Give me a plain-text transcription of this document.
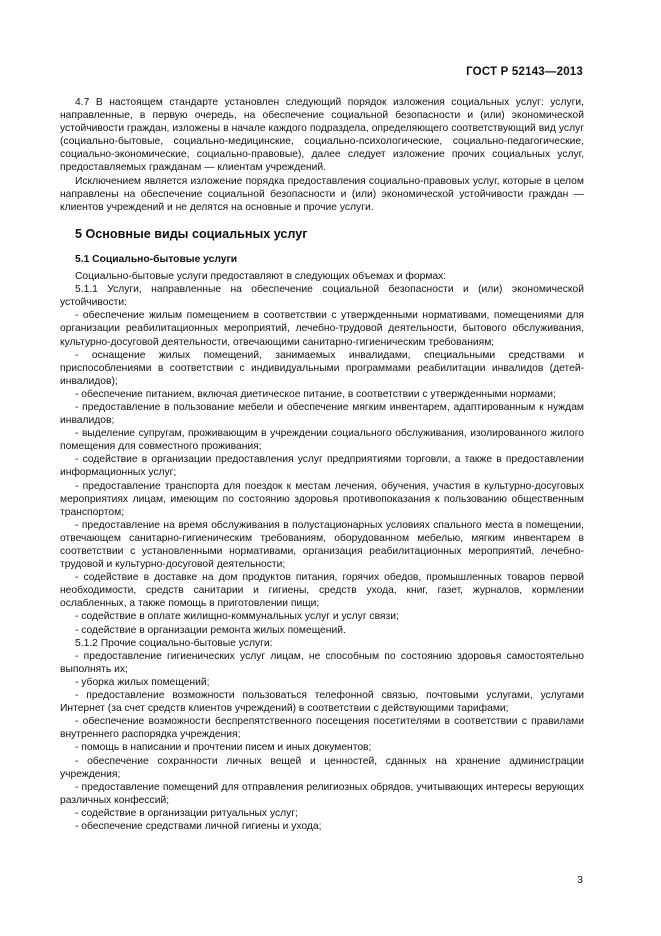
ГОСТ Р 52143—2013
4.7 В настоящем стандарте установлен следующий порядок изложения социальных услуг: услуги, направленные, в первую очередь, на обеспечение социальной безопасности и (или) экономической устойчивости граждан, изложены в начале каждого подраздела, определяющего соответствующий вид услуг (социально-бытовые, социально-медицинские, социально-психологические, социально-педагогические, социально-экономические, социально-правовые), далее следует изложение прочих социальных услуг, предоставляемых гражданам — клиентам учреждений.
Исключением является изложение порядка предоставления социально-правовых услуг, которые в целом направлены на обеспечение социальной безопасности и (или) экономической устойчивости граждан — клиентов учреждений и не делятся на основные и прочие услуги.
5 Основные виды социальных услуг
5.1 Социально-бытовые услуги
Социально-бытовые услуги предоставляют в следующих объемах и формах:
5.1.1 Услуги, направленные на обеспечение социальной безопасности и (или) экономической устойчивости:
- обеспечение жилым помещением в соответствии с утвержденными нормативами, помещениями для организации реабилитационных мероприятий, лечебно-трудовой деятельности, бытового обслуживания, культурно-досуговой деятельности, отвечающими санитарно-гигиеническим требованиям;
- оснащение жилых помещений, занимаемых инвалидами, специальными средствами и приспособлениями в соответствии с индивидуальными программами реабилитации инвалидов (детей-инвалидов);
- обеспечение питанием, включая диетическое питание, в соответствии с утвержденными нормами;
- предоставление в пользование мебели и обеспечение мягким инвентарем, адаптированным к нуждам инвалидов;
- выделение супругам, проживающим в учреждении социального обслуживания, изолированного жилого помещения для совместного проживания;
- содействие в организации предоставления услуг предприятиями торговли, а также в предоставлении информационных услуг;
- предоставление транспорта для поездок к местам лечения, обучения, участия в культурно-досуговых мероприятиях лицам, имеющим по состоянию здоровья противопоказания к пользованию общественным транспортом;
- предоставление на время обслуживания в полустационарных условиях спального места в помещении, отвечающем санитарно-гигиеническим требованиям, оборудованном мебелью, мягким инвентарем в соответствии с установленными нормативами, организация реабилитационных мероприятий, лечебно-трудовой и культурно-досуговой деятельности;
- содействие в доставке на дом продуктов питания, горячих обедов, промышленных товаров первой необходимости, средств санитарии и гигиены, средств ухода, книг, газет, журналов, кормлении ослабленных, а также помощь в приготовлении пищи;
- содействие в оплате жилищно-коммунальных услуг и услуг связи;
- содействие в организации ремонта жилых помещений.
5.1.2 Прочие социально-бытовые услуги:
- предоставление гигиенических услуг лицам, не способным по состоянию здоровья самостоятельно выполнять их;
- уборка жилых помещений;
- предоставление возможности пользоваться телефонной связью, почтовыми услугами, услугами Интернет (за счет средств клиентов учреждений) в соответствии с действующими тарифами;
- обеспечение возможности беспрепятственного посещения посетителями в соответствии с правилами внутреннего распорядка учреждения;
- помощь в написании и прочтении писем и иных документов;
- обеспечение сохранности личных вещей и ценностей, сданных на хранение администрации учреждения;
- предоставление помещений для отправления религиозных обрядов, учитывающих интересы верующих различных конфессий;
- содействие в организации ритуальных услуг;
- обеспечение средствами личной гигиены и ухода;
3
